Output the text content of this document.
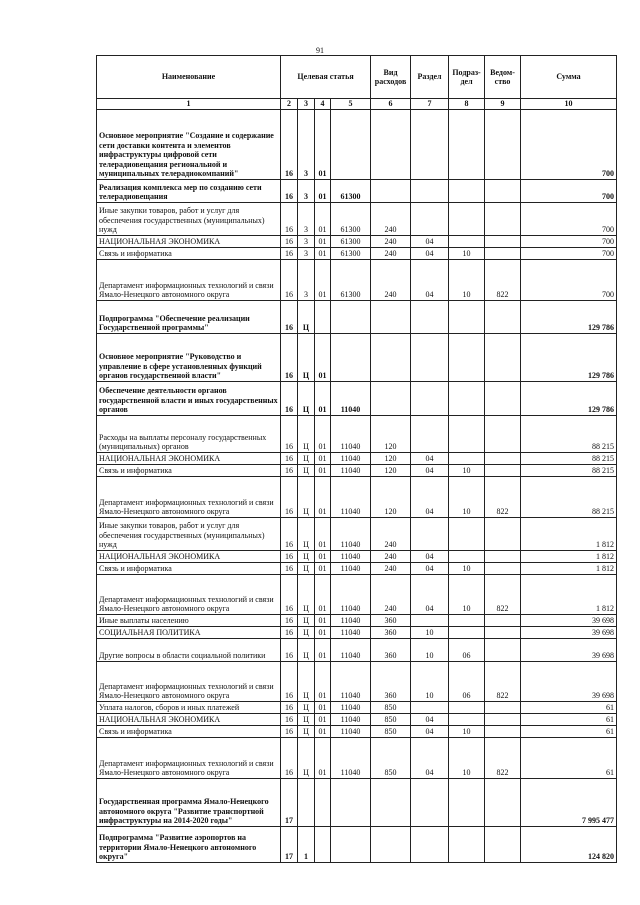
91
Наименование	Целевая статья				Вид расходов	Раздел	Подраз-дел	Ведом-ство	Сумма
1	2	3	4	5	6	7	8	9	10
Основное мероприятие "Создание и содержание сети доставки контента и элементов инфраструктуры цифровой сети телерадиовещания региональной и муниципальных телерадиокомпаний"	16	3	01						700
Реализация комплекса мер по созданию сети телерадиовещания	16	3	01	61300					700
Иные закупки товаров, работ и услуг для обеспечения государственных (муниципальных) нужд	16	3	01	61300	240				700
НАЦИОНАЛЬНАЯ ЭКОНОМИКА	16	3	01	61300	240	04			700
Связь и информатика	16	3	01	61300	240	04	10		700
Департамент информационных технологий и связи Ямало-Ненецкого автономного округа	16	3	01	61300	240	04	10	822	700
Подпрограмма "Обеспечение реализации Государственной программы"	16	Ц							129 786
Основное мероприятие "Руководство и управление в сфере установленных функций органов государственной власти"	16	Ц	01						129 786
Обеспечение деятельности органов государственной власти и иных государственных органов	16	Ц	01	11040					129 786
Расходы на выплаты персоналу государственных (муниципальных) органов	16	Ц	01	11040	120				88 215
НАЦИОНАЛЬНАЯ ЭКОНОМИКА	16	Ц	01	11040	120	04			88 215
Связь и информатика	16	Ц	01	11040	120	04	10		88 215
Департамент информационных технологий и связи Ямало-Ненецкого автономного округа	16	Ц	01	11040	120	04	10	822	88 215
Иные закупки товаров, работ и услуг для обеспечения государственных (муниципальных) нужд	16	Ц	01	11040	240				1 812
НАЦИОНАЛЬНАЯ ЭКОНОМИКА	16	Ц	01	11040	240	04			1 812
Связь и информатика	16	Ц	01	11040	240	04	10		1 812
Департамент информационных технологий и связи Ямало-Ненецкого автономного округа	16	Ц	01	11040	240	04	10	822	1 812
Иные выплаты населению	16	Ц	01	11040	360				39 698
СОЦИАЛЬНАЯ ПОЛИТИКА	16	Ц	01	11040	360	10			39 698
Другие вопросы в области социальной политики	16	Ц	01	11040	360	10	06		39 698
Департамент информационных технологий и связи Ямало-Ненецкого автономного округа	16	Ц	01	11040	360	10	06	822	39 698
Уплата налогов, сборов и иных платежей	16	Ц	01	11040	850				61
НАЦИОНАЛЬНАЯ ЭКОНОМИКА	16	Ц	01	11040	850	04			61
Связь и информатика	16	Ц	01	11040	850	04	10		61
Департамент информационных технологий и связи Ямало-Ненецкого автономного округа	16	Ц	01	11040	850	04	10	822	61
Государственная программа Ямало-Ненецкого автономного округа "Развитие транспортной инфраструктуры на 2014-2020 годы"	17								7 995 477
Подпрограмма "Развитие аэропортов на территории Ямало-Ненецкого автономного округа"	17	1							124 820
